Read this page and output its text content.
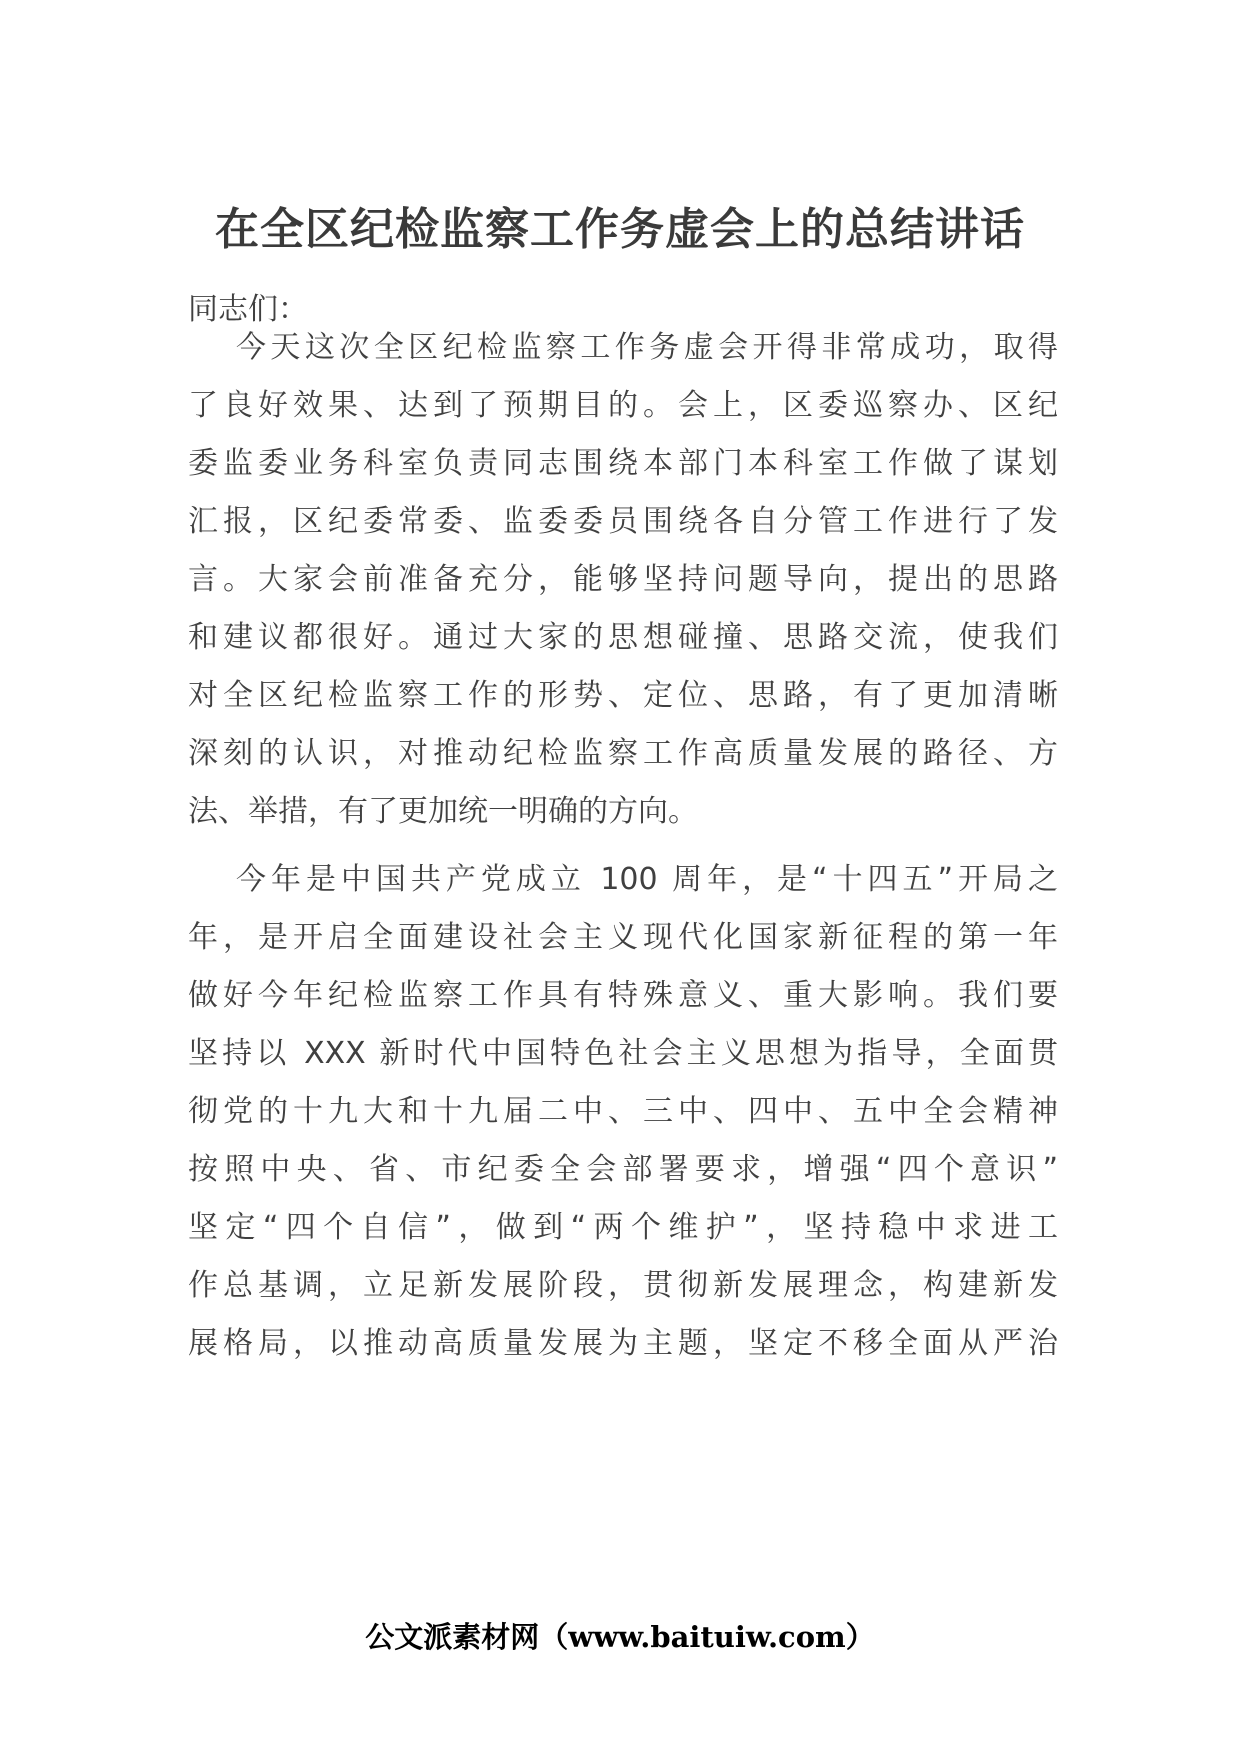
在全区纪检监察工作务虚会上的总结讲话
同志们：
今天这次全区纪检监察工作务虚会开得非常成功，取得
了良好效果、达到了预期目的。会上，区委巡察办、区纪
委监委业务科室负责同志围绕本部门本科室工作做了谋划
汇报，区纪委常委、监委委员围绕各自分管工作进行了发
言。大家会前准备充分，能够坚持问题导向，提出的思路
和建议都很好。通过大家的思想碰撞、思路交流，使我们
对全区纪检监察工作的形势、定位、思路，有了更加清晰
深刻的认识，对推动纪检监察工作高质量发展的路径、方
法、举措，有了更加统一明确的方向。
今年是中国共产党成立 100 周年，是“十四五”开局之
年，是开启全面建设社会主义现代化国家新征程的第一年
做好今年纪检监察工作具有特殊意义、重大影响。我们要
坚持以 XXX 新时代中国特色社会主义思想为指导，全面贯
彻党的十九大和十九届二中、三中、四中、五中全会精神
按照中央、省、市纪委全会部署要求，增强“四个意识”
坚定“四个自信”，做到“两个维护”，坚持稳中求进工
作总基调，立足新发展阶段，贯彻新发展理念，构建新发
展格局，以推动高质量发展为主题，坚定不移全面从严治
公文派素材网（www.baituiw.com）
